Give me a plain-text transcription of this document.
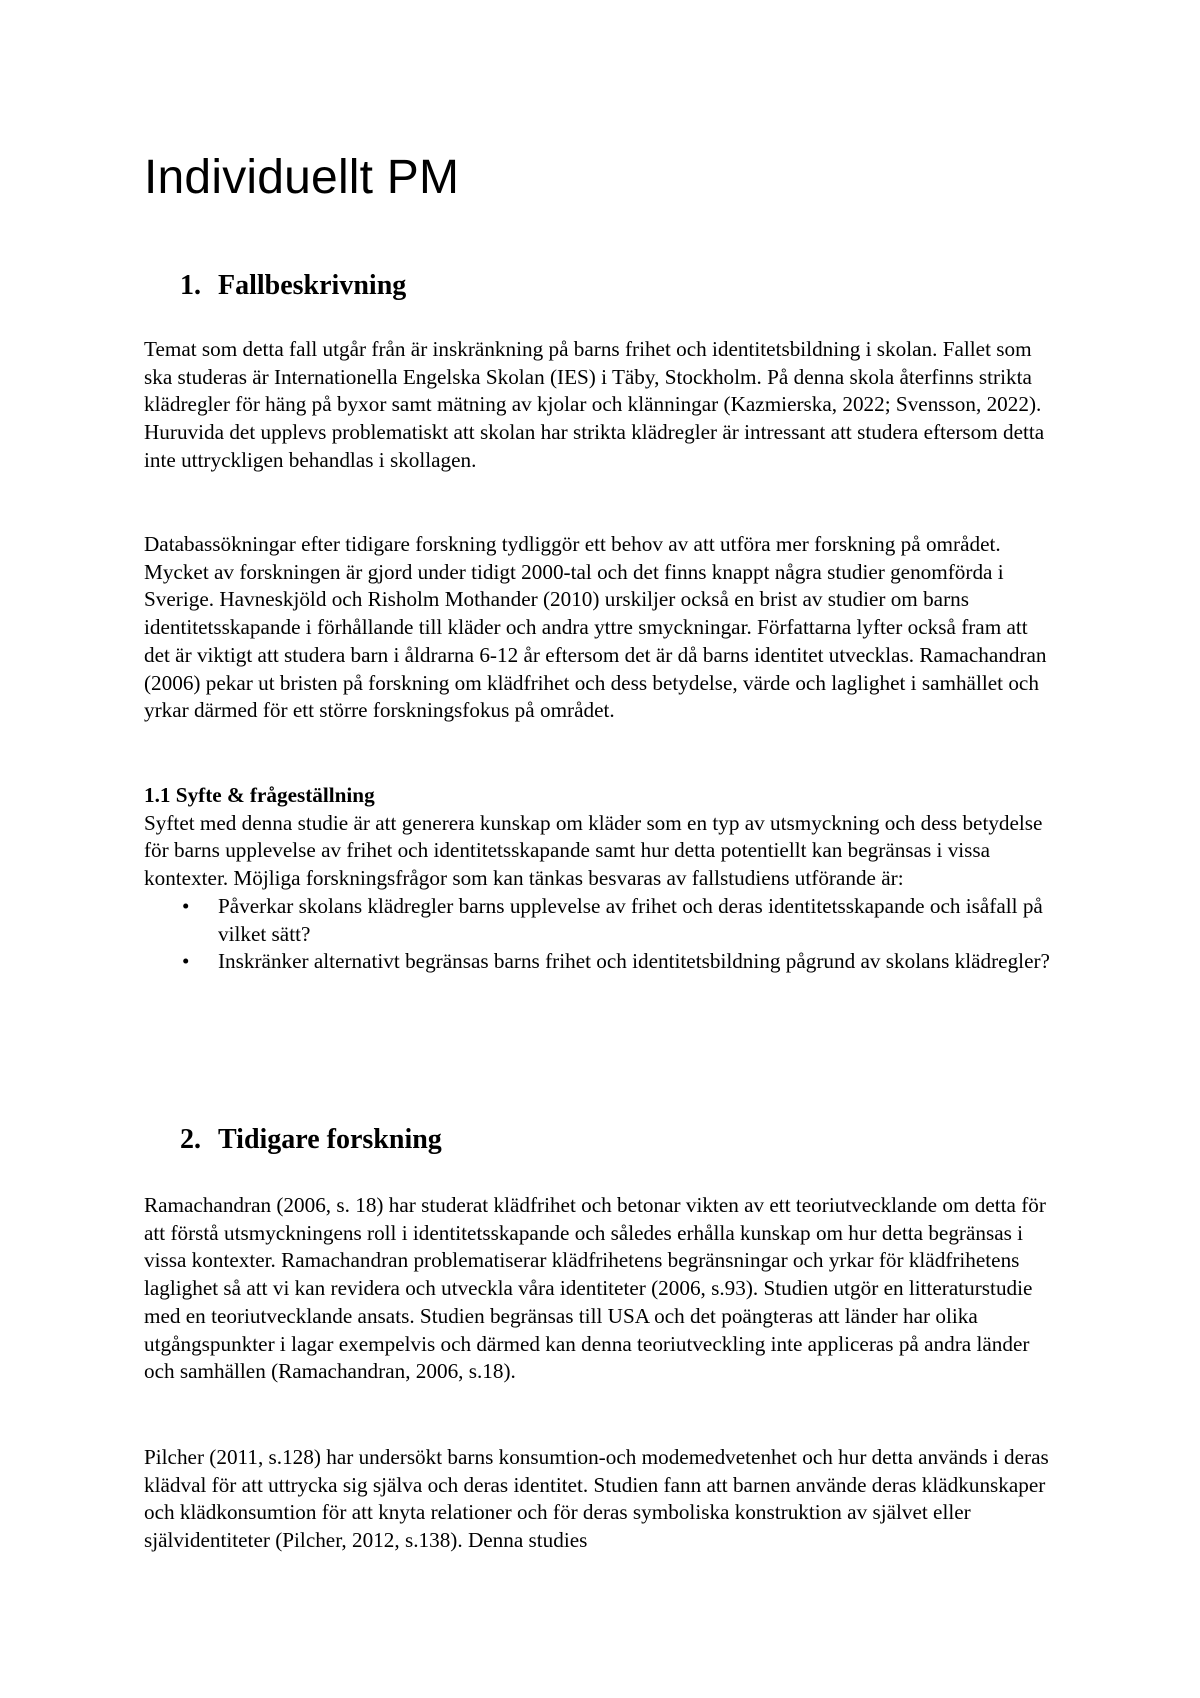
Individuellt PM
1. Fallbeskrivning

Temat som detta fall utgår från är inskränkning på barns frihet och identitetsbildning i skolan. Fallet som ska studeras är Internationella Engelska Skolan (IES) i Täby, Stockholm. På denna skola återfinns strikta klädregler för häng på byxor samt mätning av kjolar och klänningar (Kazmierska, 2022; Svensson, 2022). Huruvida det upplevs problematiskt att skolan har strikta klädregler är intressant att studera eftersom detta inte uttryckligen behandlas i skollagen.

Databassökningar efter tidigare forskning tydliggör ett behov av att utföra mer forskning på området. Mycket av forskningen är gjord under tidigt 2000-tal och det finns knappt några studier genomförda i Sverige. Havneskjöld och Risholm Mothander (2010) urskiljer också en brist av studier om barns identitetsskapande i förhållande till kläder och andra yttre smyckningar. Författarna lyfter också fram att det är viktigt att studera barn i åldrarna 6-12 år eftersom det är då barns identitet utvecklas. Ramachandran (2006) pekar ut bristen på forskning om klädfrihet och dess betydelse, värde och laglighet i samhället och yrkar därmed för ett större forskningsfokus på området.

1.1 Syfte & frågeställning
Syftet med denna studie är att generera kunskap om kläder som en typ av utsmyckning och dess betydelse för barns upplevelse av frihet och identitetsskapande samt hur detta potentiellt kan begränsas i vissa kontexter. Möjliga forskningsfrågor som kan tänkas besvaras av fallstudiens utförande är:
• Påverkar skolans klädregler barns upplevelse av frihet och deras identitetsskapande och isåfall på vilket sätt?
• Inskränker alternativt begränsas barns frihet och identitetsbildning pågrund av skolans klädregler?
2. Tidigare forskning

Ramachandran (2006, s. 18) har studerat klädfrihet och betonar vikten av ett teoriutvecklande om detta för att förstå utsmyckningens roll i identitetsskapande och således erhålla kunskap om hur detta begränsas i vissa kontexter. Ramachandran problematiserar klädfrihetens begränsningar och yrkar för klädfrihetens laglighet så att vi kan revidera och utveckla våra identiteter (2006, s.93). Studien utgör en litteraturstudie med en teoriutvecklande ansats. Studien begränsas till USA och det poängteras att länder har olika utgångspunkter i lagar exempelvis och därmed kan denna teoriutveckling inte appliceras på andra länder och samhällen (Ramachandran, 2006, s.18).

Pilcher (2011, s.128) har undersökt barns konsumtion-och modemedvetenhet och hur detta används i deras klädval för att uttrycka sig själva och deras identitet. Studien fann att barnen använde deras klädkunskaper och klädkonsumtion för att knyta relationer och för deras symboliska konstruktion av självet eller självidentiteter (Pilcher, 2012, s.138). Denna studies
